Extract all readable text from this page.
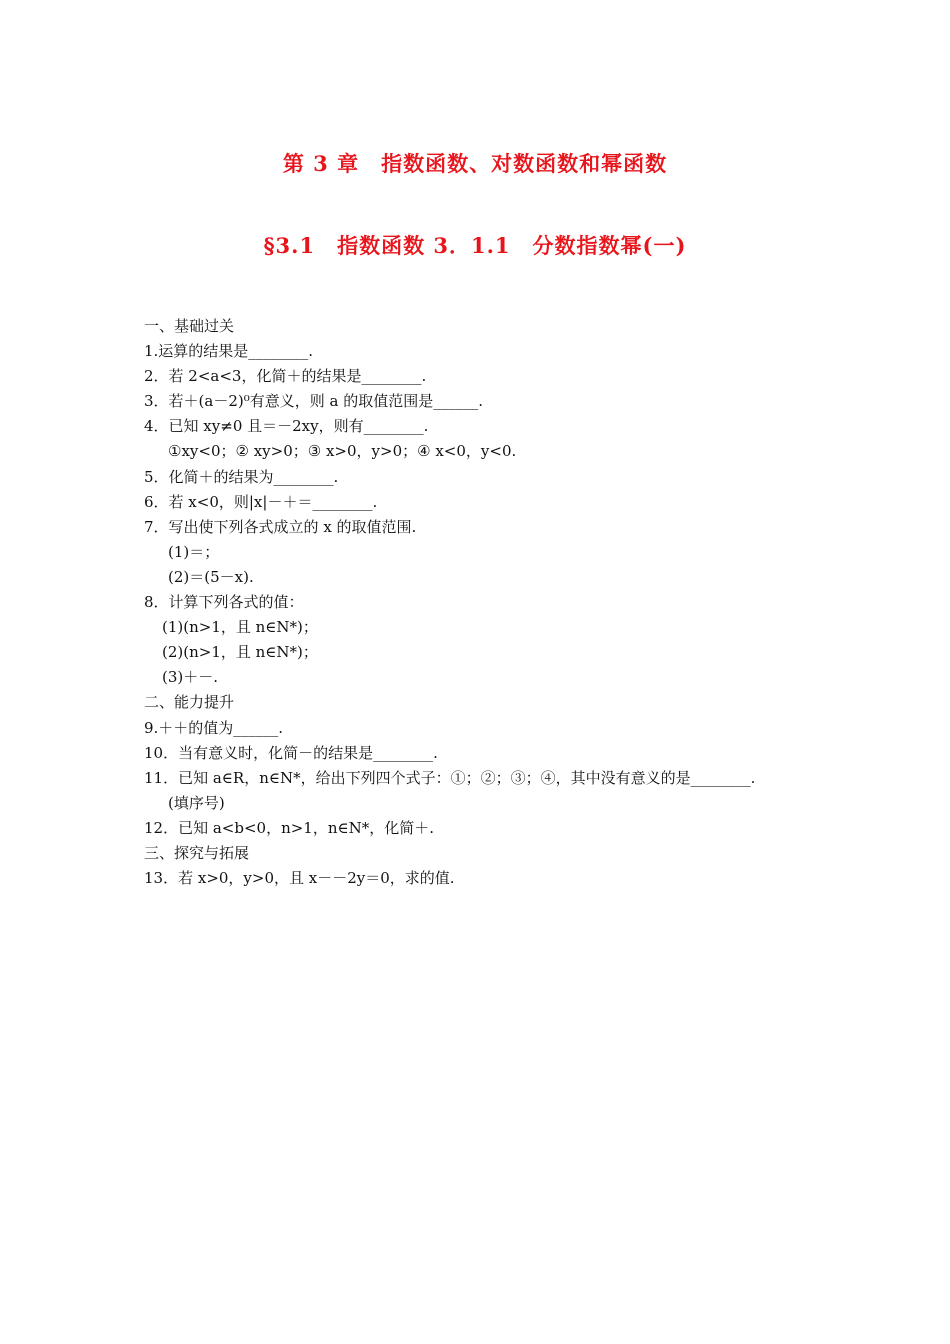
第 3 章　指数函数、对数函数和幂函数
§3.1　指数函数 3．1.1　分数指数幂(一)
一、基础过关
1.运算的结果是________.
2．若 2<a<3，化简＋的结果是________.
3．若＋(a－2)⁰有意义，则 a 的取值范围是______.
4．已知 xy≠0 且＝－2xy，则有________.
①xy<0；② xy>0；③ x>0，y>0；④ x<0，y<0.
5．化简＋的结果为________.
6．若 x<0，则|x|－＋＝________.
7．写出使下列各式成立的 x 的取值范围.
(1)＝；
(2)＝(5－x).
8．计算下列各式的值：
(1)(n>1，且 n∈N*)；
(2)(n>1，且 n∈N*)；
(3)＋－.
二、能力提升
9.＋＋的值为______.
10．当有意义时，化简－的结果是________.
11．已知 a∈R，n∈N*，给出下列四个式子：①；②；③；④，其中没有意义的是________.
(填序号)
12．已知 a<b<0，n>1，n∈N*，化简＋.
三、探究与拓展
13．若 x>0，y>0，且 x－－2y＝0，求的值.
